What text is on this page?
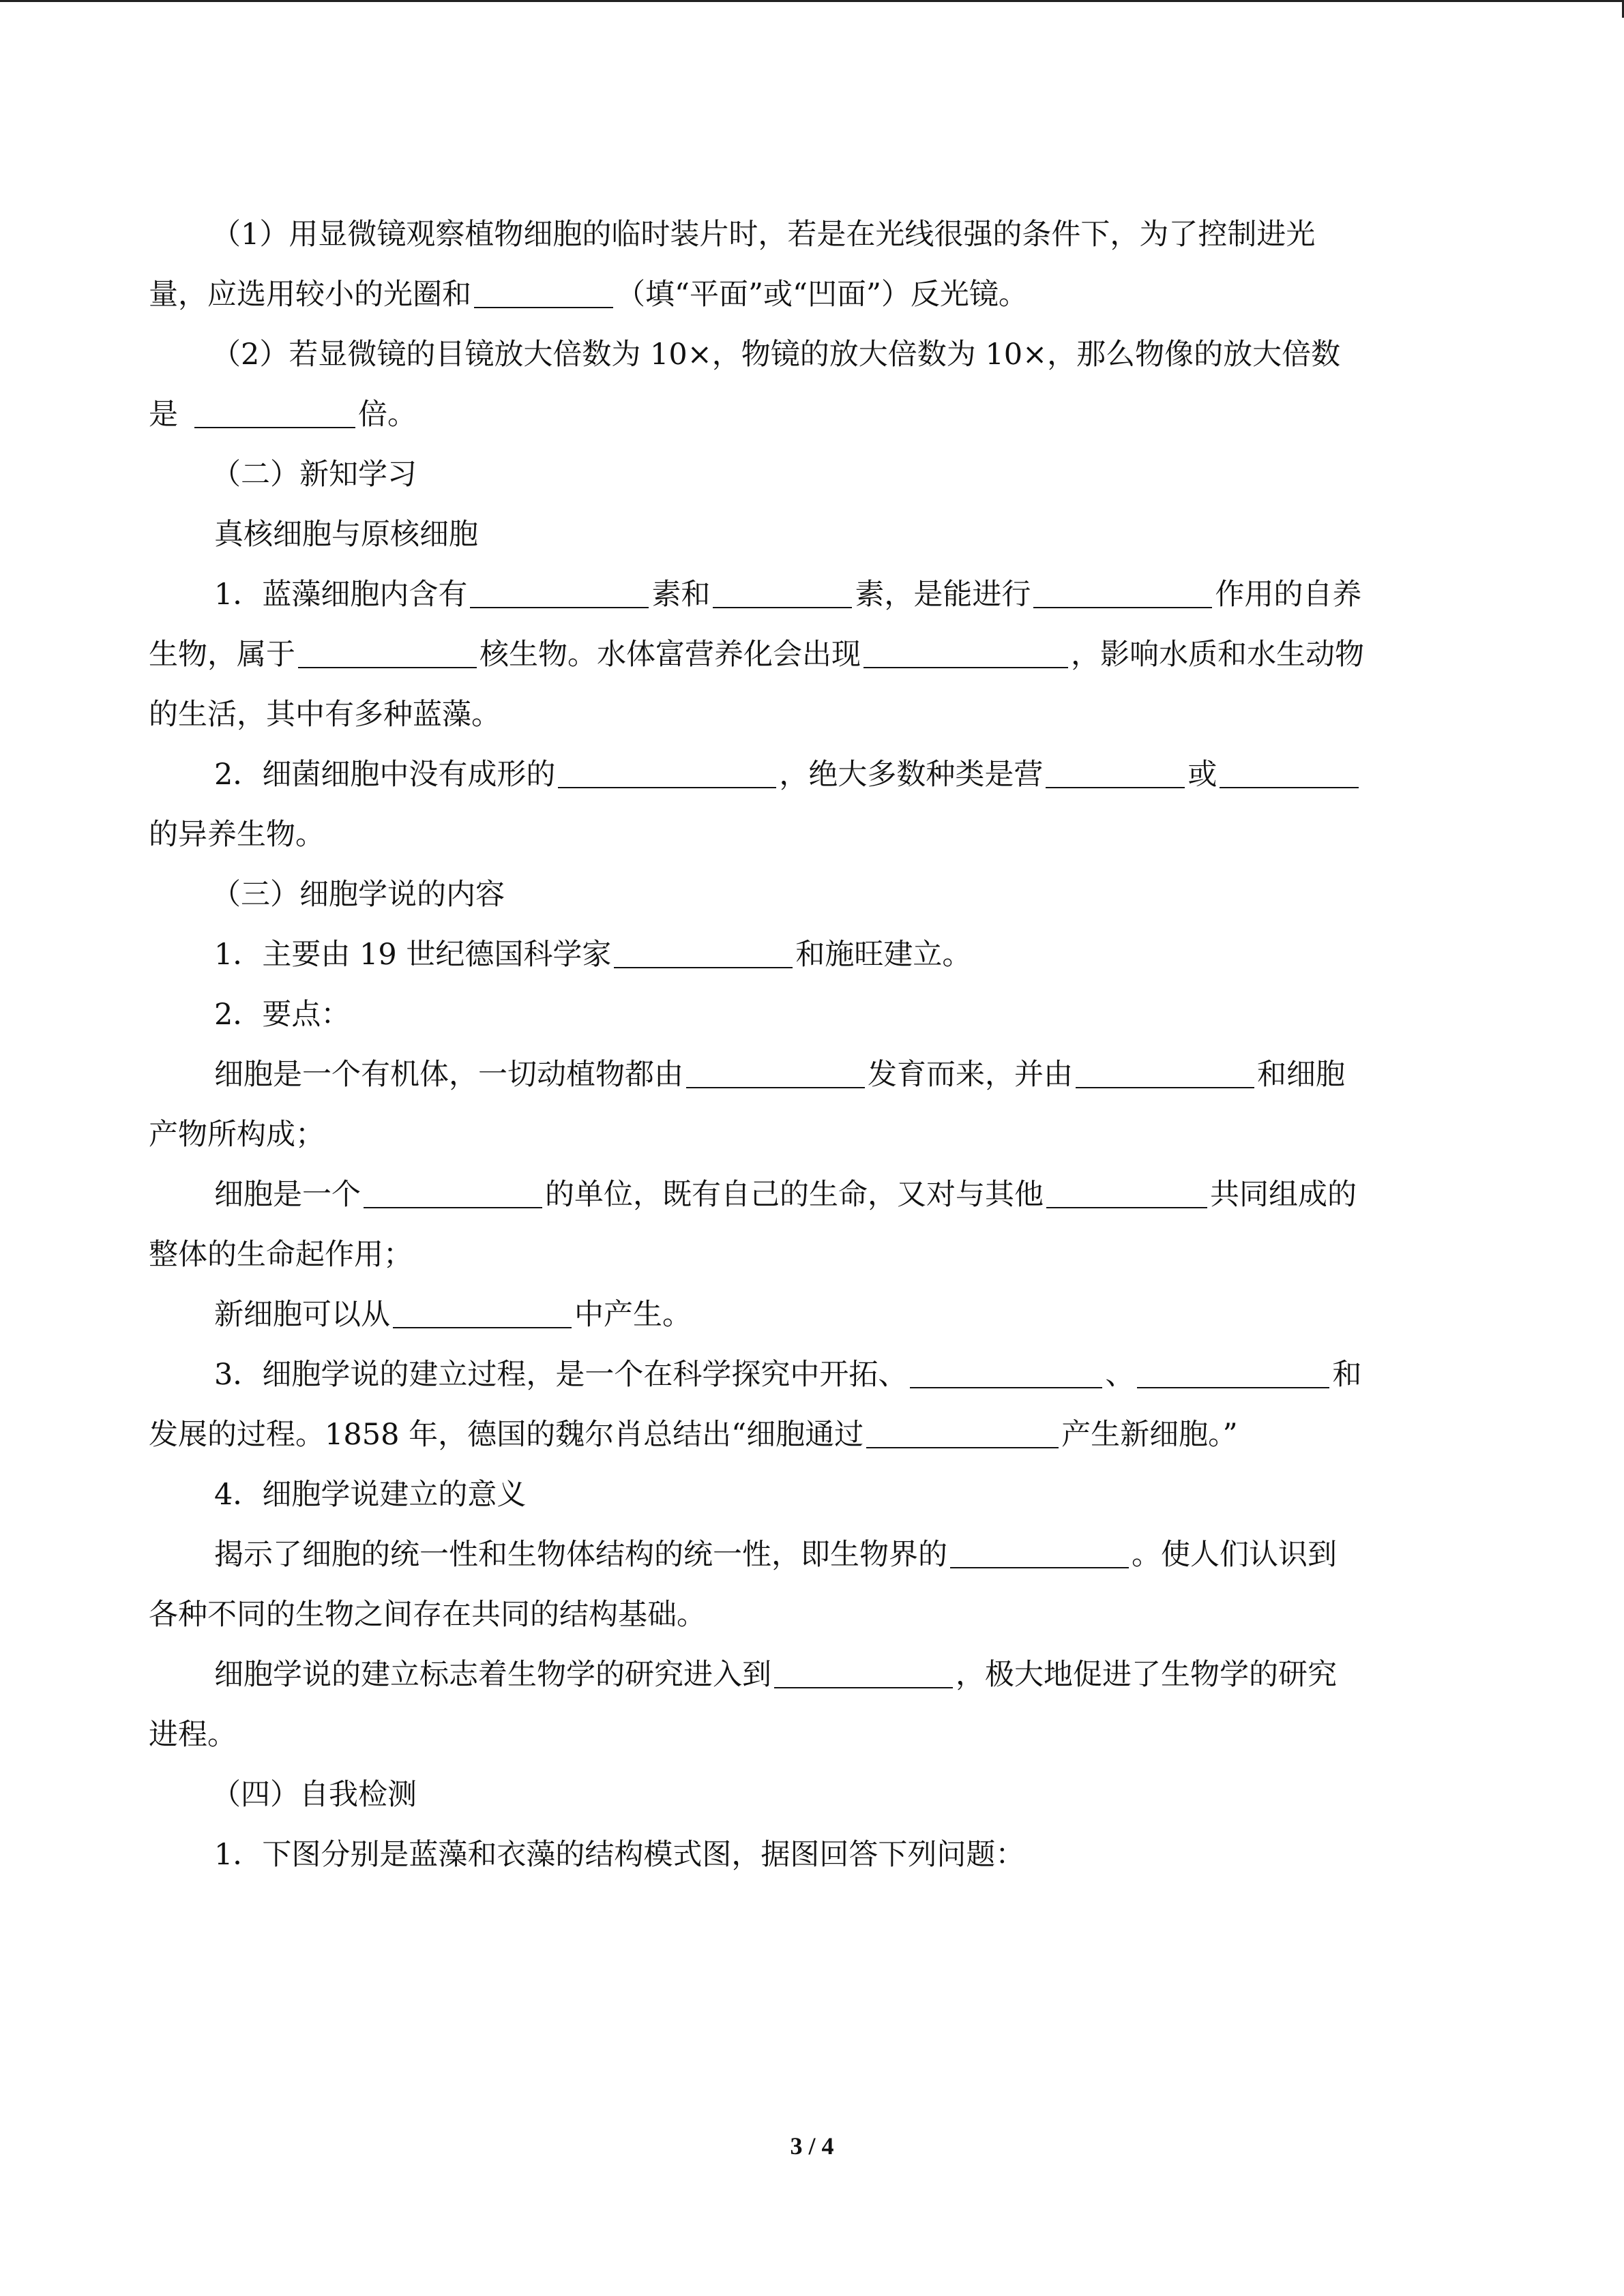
（1）用显微镜观察植物细胞的临时装片时，若是在光线很强的条件下，为了控制进光
量，应选用较小的光圈和	（填“平面”或“凹面”）反光镜。
（2）若显微镜的目镜放大倍数为 10×，物镜的放大倍数为 10×，那么物像的放大倍数
是	倍。
（二）新知学习
真核细胞与原核细胞
1．蓝藻细胞内含有	素和	素，是能进行	作用的自养
生物，属于	核生物。水体富营养化会出现	，影响水质和水生动物
的生活，其中有多种蓝藻。
2．细菌细胞中没有成形的	，绝大多数种类是营	或
的异养生物。
（三）细胞学说的内容
1．主要由 19 世纪德国科学家	和施旺建立。
2．要点：
细胞是一个有机体，一切动植物都由	发育而来，并由	和细胞
产物所构成；
细胞是一个	的单位，既有自己的生命，又对与其他	共同组成的
整体的生命起作用；
新细胞可以从	中产生。
3．细胞学说的建立过程，是一个在科学探究中开拓、	、	和
发展的过程。1858 年，德国的魏尔肖总结出“细胞通过	产生新细胞。”
4．细胞学说建立的意义
揭示了细胞的统一性和生物体结构的统一性，即生物界的	。使人们认识到
各种不同的生物之间存在共同的结构基础。
细胞学说的建立标志着生物学的研究进入到	，极大地促进了生物学的研究
进程。
（四）自我检测
1．下图分别是蓝藻和衣藻的结构模式图，据图回答下列问题：
3 / 4
